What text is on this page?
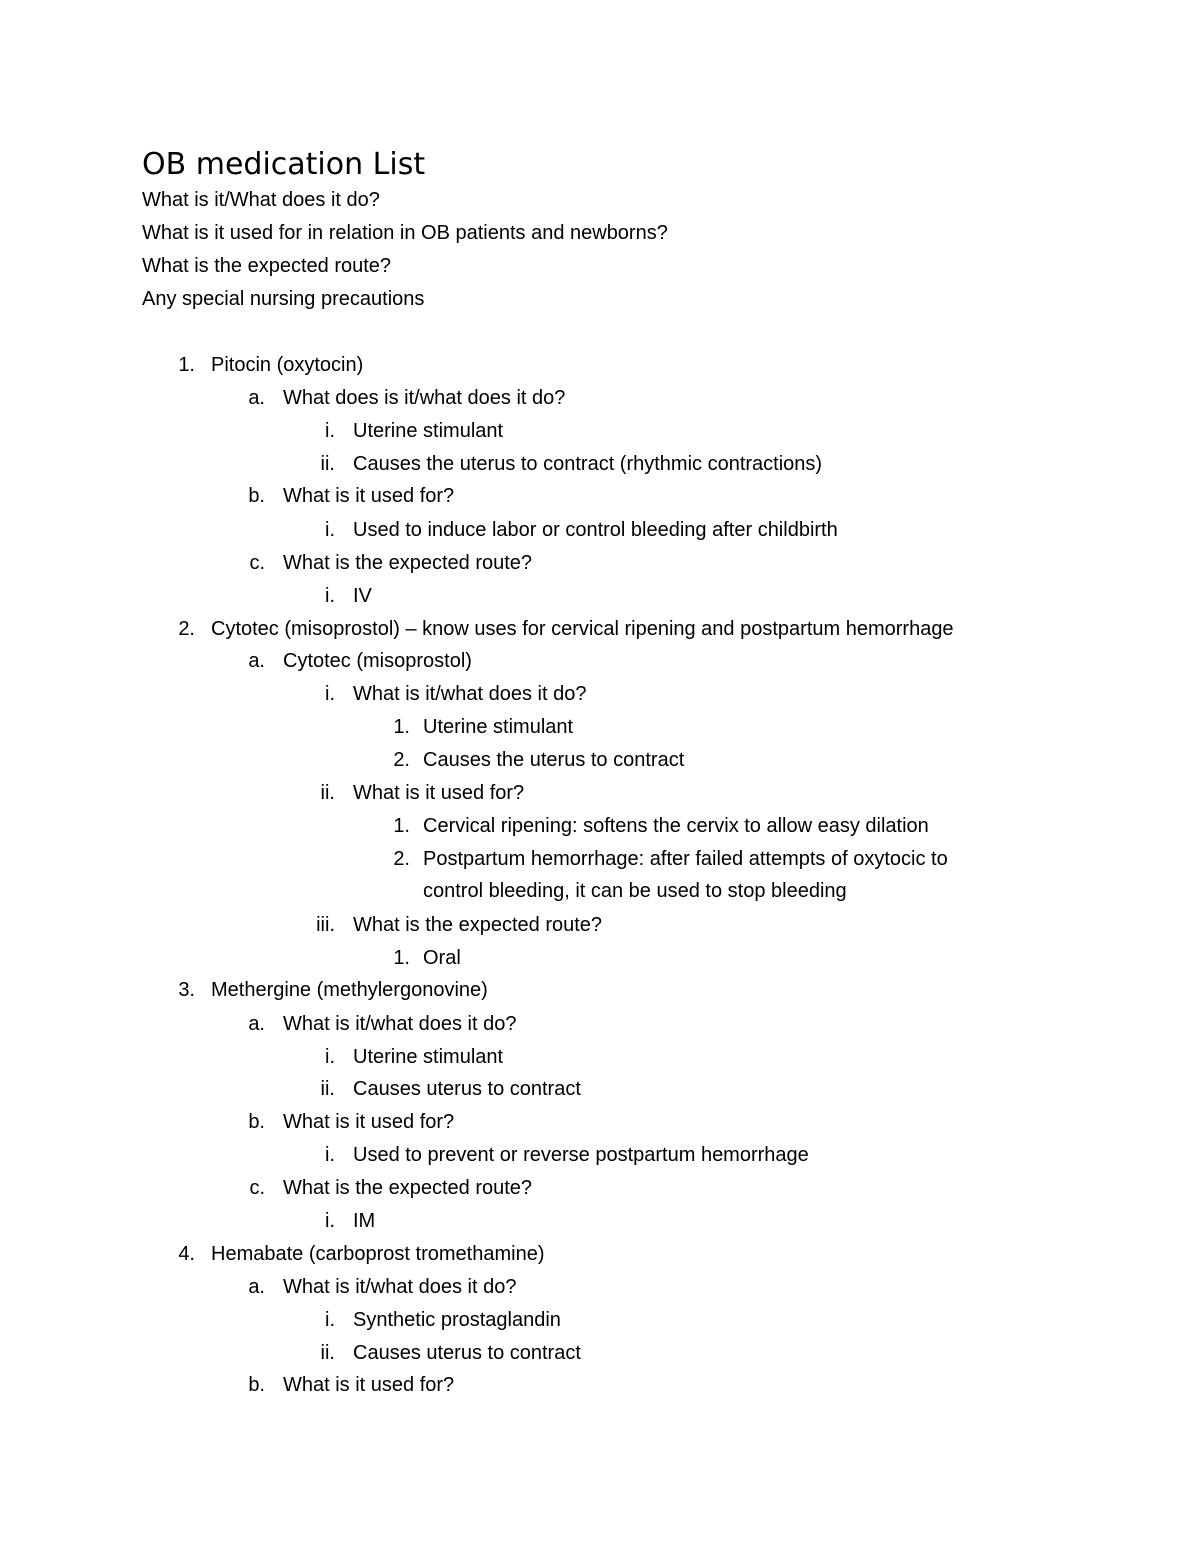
OB medication List
What is it/What does it do?
What is it used for in relation in OB patients and newborns?
What is the expected route?
Any special nursing precautions
1. Pitocin (oxytocin)
a. What does is it/what does it do?
i. Uterine stimulant
ii. Causes the uterus to contract (rhythmic contractions)
b. What is it used for?
i. Used to induce labor or control bleeding after childbirth
c. What is the expected route?
i. IV
2. Cytotec (misoprostol) – know uses for cervical ripening and postpartum hemorrhage
a. Cytotec (misoprostol)
i. What is it/what does it do?
1. Uterine stimulant
2. Causes the uterus to contract
ii. What is it used for?
1. Cervical ripening: softens the cervix to allow easy dilation
2. Postpartum hemorrhage: after failed attempts of oxytocic to
control bleeding, it can be used to stop bleeding
iii. What is the expected route?
1. Oral
3. Methergine (methylergonovine)
a. What is it/what does it do?
i. Uterine stimulant
ii. Causes uterus to contract
b. What is it used for?
i. Used to prevent or reverse postpartum hemorrhage
c. What is the expected route?
i. IM
4. Hemabate (carboprost tromethamine)
a. What is it/what does it do?
i. Synthetic prostaglandin
ii. Causes uterus to contract
b. What is it used for?
